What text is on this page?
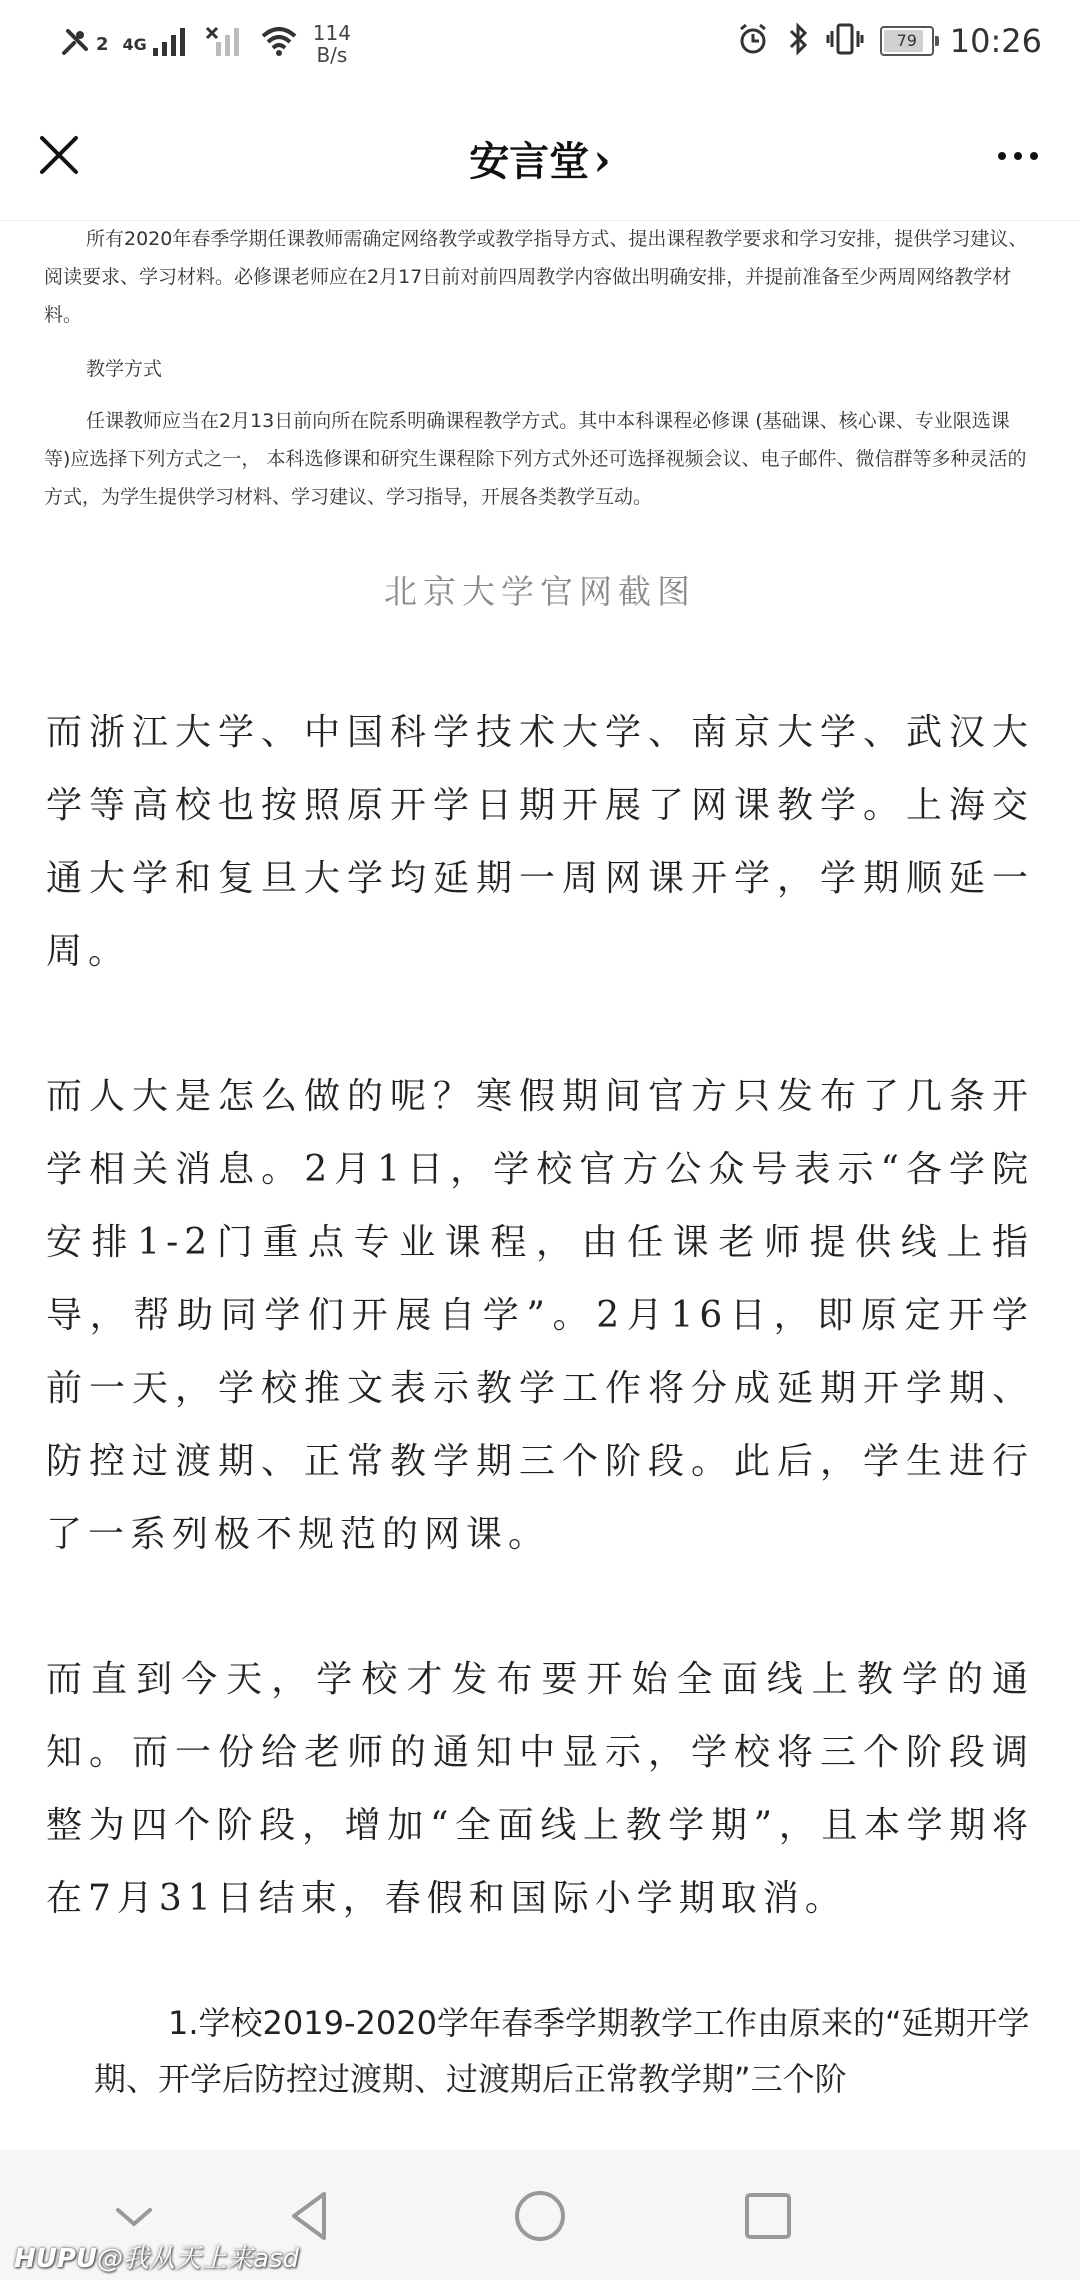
2 4G	114
B/s
79	10:26
安言堂›

所有2020年春季学期任课教师需确定网络教学或教学指导方式、提出课程教学要求和学习安排，提供学习建议、阅读要求、学习材料。必修课老师应在2月17日前对前四周教学内容做出明确安排，并提前准备至少两周网络教学材料。

教学方式

任课教师应当在2月13日前向所在院系明确课程教学方式。其中本科课程必修课 (基础课、核心课、专业限选课等)应选择下列方式之一， 本科选修课和研究生课程除下列方式外还可选择视频会议、电子邮件、微信群等多种灵活的方式，为学生提供学习材料、学习建议、学习指导，开展各类教学互动。

北京大学官网截图

而浙江大学、中国科学技术大学、南京大学、武汉大学等高校也按照原开学日期开展了网课教学。上海交通大学和复旦大学均延期一周网课开学，学期顺延一周。

而人大是怎么做的呢？寒假期间官方只发布了几条开学相关消息。2月1日，学校官方公众号表示“各学院安排1-2门重点专业课程，由任课老师提供线上指导，帮助同学们开展自学”。2月16日，即原定开学前一天，学校推文表示教学工作将分成延期开学期、防控过渡期、正常教学期三个阶段。此后，学生进行了一系列极不规范的网课。

而直到今天，学校才发布要开始全面线上教学的通知。而一份给老师的通知中显示，学校将三个阶段调整为四个阶段，增加“全面线上教学期”，且本学期将在7月31日结束，春假和国际小学期取消。

1.学校2019-2020学年春季学期教学工作由原来的“延期开学期、开学后防控过渡期、过渡期后正常教学期”三个阶

HUPU@我从天上来asd
